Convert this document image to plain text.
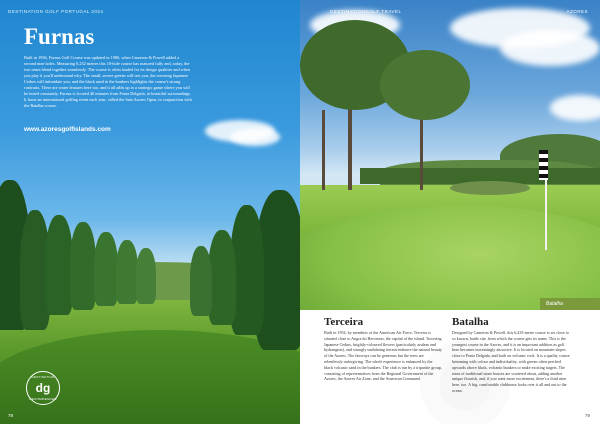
DESTINATION GOLF PORTUGAL 2024
Furnas
Built in 1936, Furnas Golf Course was updated in 1986, when Cameron & Powell added a second nine holes. Measuring 6,232 metres this 18-hole course has matured fully and, today, the two nines blend together seamlessly. The course is often lauded for its design qualities and when you play it you'll understand why. The small, severe greens will test you, the towering Japanese Cedars will intimidate you, and the black sand in the bunkers highlights the course's strong contrasts. There are water features here too, and it all adds up to a strategic game where you will be tested constantly. Furnas is located 40 minutes from Ponta Delgada, in beautiful surroundings. It hosts an international golfing event each year, called the Sata Azores Open, in conjunction with the Batalha course.
www.azoresgolfislands.com
DESTINATION
dg
RECOMMENDED
78
DESTINATIONGOLF TRAVEL	AZORES
Batalha
Terceira
Built in 1954, by members of the American Air Force, Terceira is situated close to Angra do Heroismo, the capital of the island. Towering Japanese Cedars, brightly-coloured flowers (particularly azaleas and hydrangeas), and strongly undulating terrain embrace the natural beauty of the Azores. The fairways can be generous but the trees are relentlessly unforgiving. The whole experience is enhanced by the black volcanic sand in the bunkers. The club is run by a tripartite group, consisting of representatives from the Regional Government of the Azores, the Azores Air Zone, and the American Command.
Batalha
Designed by Cameron & Powell, this 6,435-metre course is set close to so known, battle site, from which the course gets its name. This is the youngest course in the Azores, and it is an important addition as golf here becomes increasingly attractive. It is located on mountain slopes close to Ponta Delgada, and built on volcanic rock. It is a quality course brimming with colour and individuality, with greens often perched upwards above black, volcanic bunkers to make exciting targets. The ruins of traditional stone houses are scattered about, adding another unique flourish, and, if you want more excitement, there's a third nine here, too. A big, comfortable clubhouse looks over it all and out to the ocean.
79
